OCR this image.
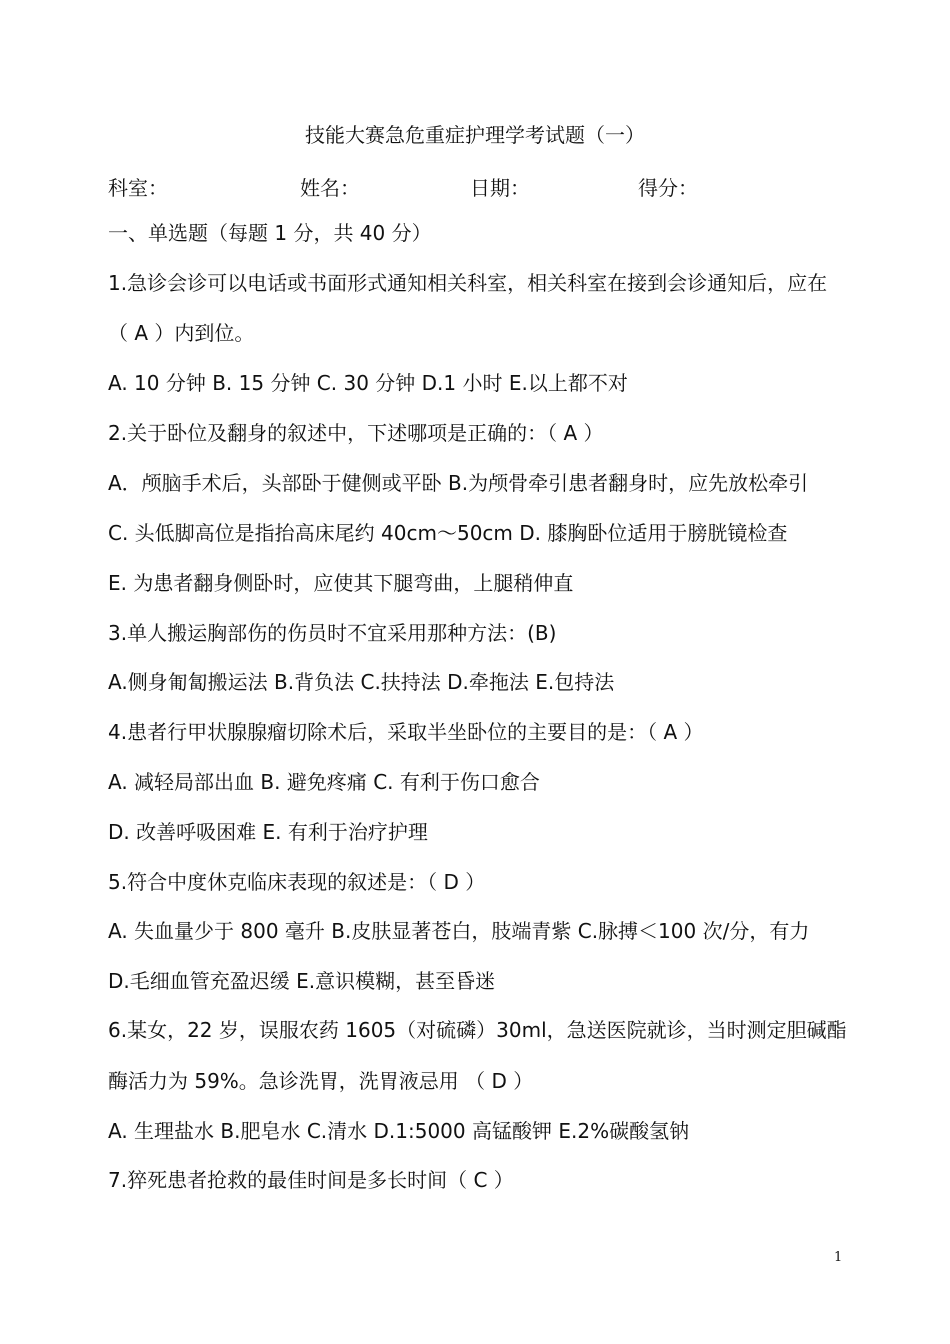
技能大赛急危重症护理学考试题（一）
科室：	姓名：	日期：	得分：
一、单选题（每题 1 分，共 40 分）
1.急诊会诊可以电话或书面形式通知相关科室，相关科室在接到会诊通知后，应在
（ A ）内到位。
A. 10 分钟 B. 15 分钟 C. 30 分钟 D.1 小时 E.以上都不对
2.关于卧位及翻身的叙述中，下述哪项是正确的：（ A ）
A．颅脑手术后，头部卧于健侧或平卧 B.为颅骨牵引患者翻身时，应先放松牵引
C. 头低脚高位是指抬高床尾约 40cm～50cm D. 膝胸卧位适用于膀胱镜检查
E. 为患者翻身侧卧时，应使其下腿弯曲，上腿稍伸直
3.单人搬运胸部伤的伤员时不宜采用那种方法：(B)
A.侧身匍匐搬运法 B.背负法 C.扶持法 D.牵拖法 E.包持法
4.患者行甲状腺腺瘤切除术后，采取半坐卧位的主要目的是：（ A ）
A. 减轻局部出血 B. 避免疼痛 C. 有利于伤口愈合
D. 改善呼吸困难 E. 有利于治疗护理
5.符合中度休克临床表现的叙述是：（ D ）
A. 失血量少于 800 毫升 B.皮肤显著苍白，肢端青紫 C.脉搏＜100 次/分，有力
D.毛细血管充盈迟缓 E.意识模糊，甚至昏迷
6.某女，22 岁，误服农药 1605（对硫磷）30ml，急送医院就诊，当时测定胆碱酯
酶活力为 59%。急诊洗胃，洗胃液忌用 （ D ）
A. 生理盐水 B.肥皂水 C.清水 D.1:5000 高锰酸钾 E.2%碳酸氢钠
7.猝死患者抢救的最佳时间是多长时间（ C ）
1
